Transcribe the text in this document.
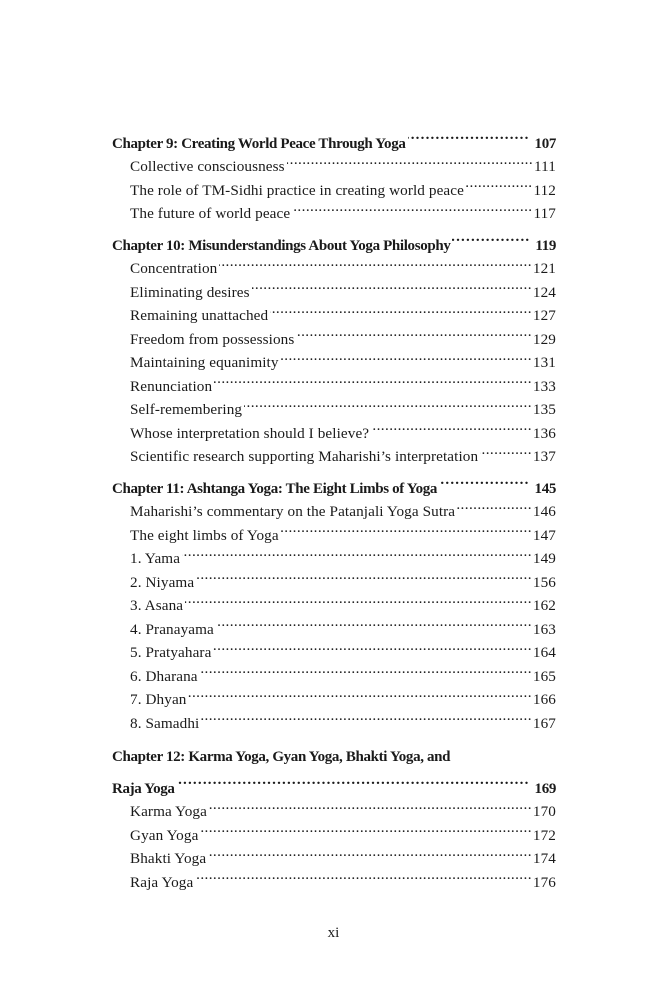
Chapter 9: Creating World Peace Through Yoga .....	107
Collective consciousness .....	111
The role of TM-Sidhi practice in creating world peace .....	112
The future of world peace .....	117
Chapter 10: Misunderstandings About Yoga Philosophy .....	119
Concentration .....	121
Eliminating desires .....	124
Remaining unattached .....	127
Freedom from possessions .....	129
Maintaining equanimity .....	131
Renunciation .....	133
Self-remembering .....	135
Whose interpretation should I believe? .....	136
Scientific research supporting Maharishi’s interpretation .....	137
Chapter 11: Ashtanga Yoga: The Eight Limbs of Yoga .....	145
Maharishi’s commentary on the Patanjali Yoga Sutra .....	146
The eight limbs of Yoga .....	147
1. Yama .....	149
2. Niyama .....	156
3. Asana .....	162
4. Pranayama .....	163
5. Pratyahara .....	164
6. Dharana .....	165
7. Dhyan .....	166
8. Samadhi .....	167
Chapter 12: Karma Yoga, Gyan Yoga, Bhakti Yoga, and
Raja Yoga .....	169
Karma Yoga .....	170
Gyan Yoga .....	172
Bhakti Yoga .....	174
Raja Yoga .....	176
xi
